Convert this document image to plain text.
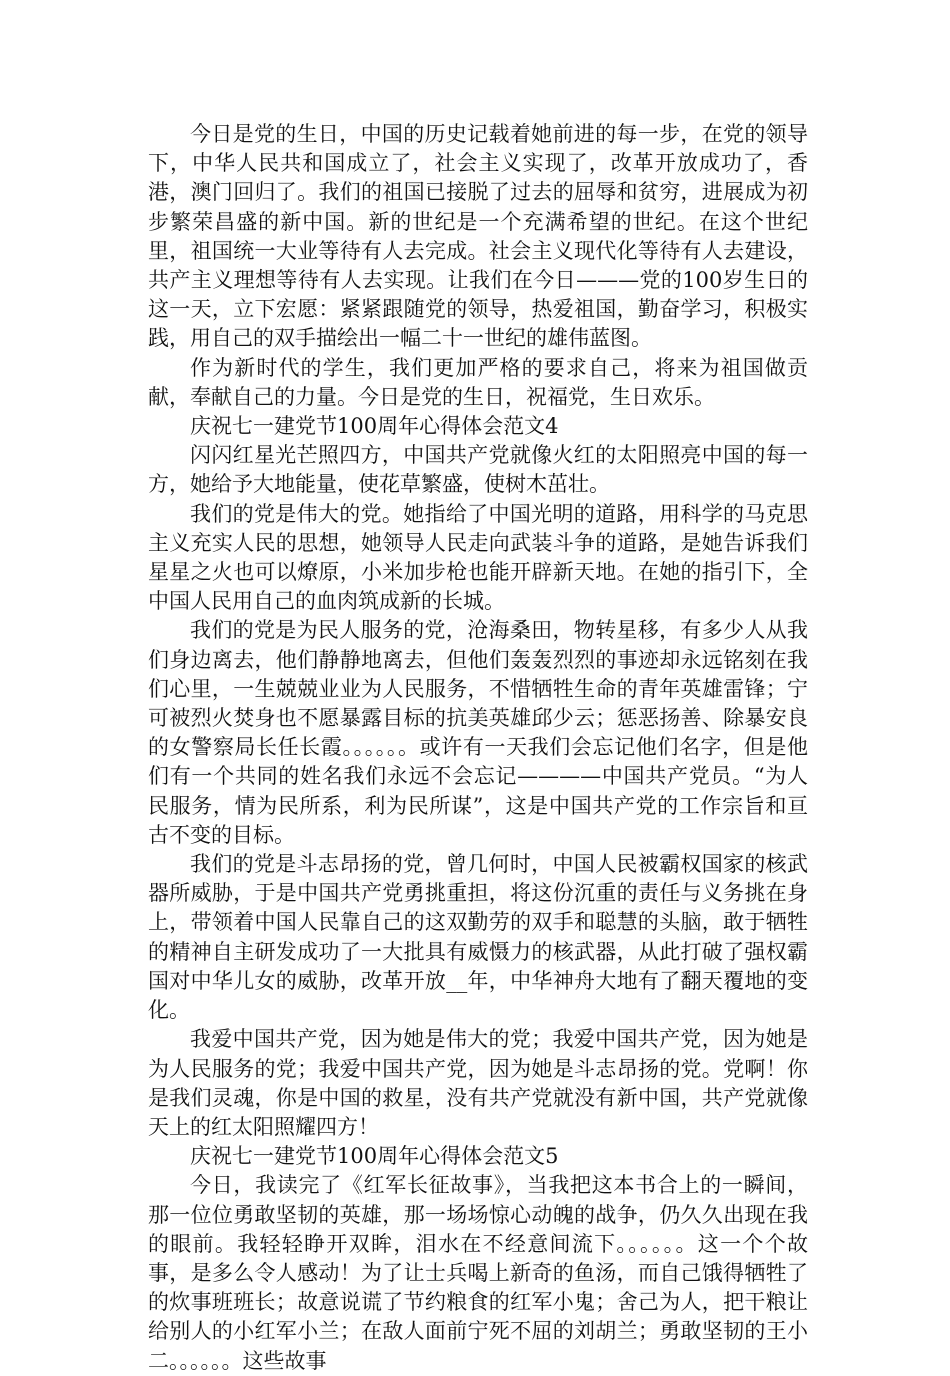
今日是党的生日，中国的历史记载着她前进的每一步，在党的领导下，中华人民共和国成立了，社会主义实现了，改革开放成功了，香港，澳门回归了。我们的祖国已接脱了过去的屈辱和贫穷，进展成为初步繁荣昌盛的新中国。新的世纪是一个充满希望的世纪。在这个世纪里，祖国统一大业等待有人去完成。社会主义现代化等待有人去建设，共产主义理想等待有人去实现。让我们在今日———党的100岁生日的这一天，立下宏愿：紧紧跟随党的领导，热爱祖国，勤奋学习，积极实践，用自己的双手描绘出一幅二十一世纪的雄伟蓝图。

作为新时代的学生，我们更加严格的要求自己，将来为祖国做贡献，奉献自己的力量。今日是党的生日，祝福党，生日欢乐。

庆祝七一建党节100周年心得体会范文4

闪闪红星光芒照四方，中国共产党就像火红的太阳照亮中国的每一方，她给予大地能量，使花草繁盛，使树木茁壮。

我们的党是伟大的党。她指给了中国光明的道路，用科学的马克思主义充实人民的思想，她领导人民走向武装斗争的道路，是她告诉我们星星之火也可以燎原，小米加步枪也能开辟新天地。在她的指引下，全中国人民用自己的血肉筑成新的长城。

我们的党是为民人服务的党，沧海桑田，物转星移，有多少人从我们身边离去，他们静静地离去，但他们轰轰烈烈的事迹却永远铭刻在我们心里，一生兢兢业业为人民服务，不惜牺牲生命的青年英雄雷锋；宁可被烈火焚身也不愿暴露目标的抗美英雄邱少云；惩恶扬善、除暴安良的女警察局长任长霞。。。。。。或许有一天我们会忘记他们名字，但是他们有一个共同的姓名我们永远不会忘记————中国共产党员。“为人民服务，情为民所系，利为民所谋”，这是中国共产党的工作宗旨和亘古不变的目标。

我们的党是斗志昂扬的党，曾几何时，中国人民被霸权国家的核武器所威胁，于是中国共产党勇挑重担，将这份沉重的责任与义务挑在身上，带领着中国人民靠自己的这双勤劳的双手和聪慧的头脑，敢于牺牲的精神自主研发成功了一大批具有威慑力的核武器，从此打破了强权霸国对中华儿女的威胁，改革开放__年，中华神舟大地有了翻天覆地的变化。

我爱中国共产党，因为她是伟大的党；我爱中国共产党，因为她是为人民服务的党；我爱中国共产党，因为她是斗志昂扬的党。党啊！你是我们灵魂，你是中国的救星，没有共产党就没有新中国，共产党就像天上的红太阳照耀四方！

庆祝七一建党节100周年心得体会范文5

今日，我读完了《红军长征故事》，当我把这本书合上的一瞬间，那一位位勇敢坚韧的英雄，那一场场惊心动魄的战争，仍久久出现在我的眼前。我轻轻睁开双眸，泪水在不经意间流下。。。。。。这一个个故事，是多么令人感动！为了让士兵喝上新奇的鱼汤，而自己饿得牺牲了的炊事班班长；故意说谎了节约粮食的红军小鬼；舍己为人，把干粮让给别人的小红军小兰；在敌人面前宁死不屈的刘胡兰；勇敢坚韧的王小二。。。。。。这些故事
